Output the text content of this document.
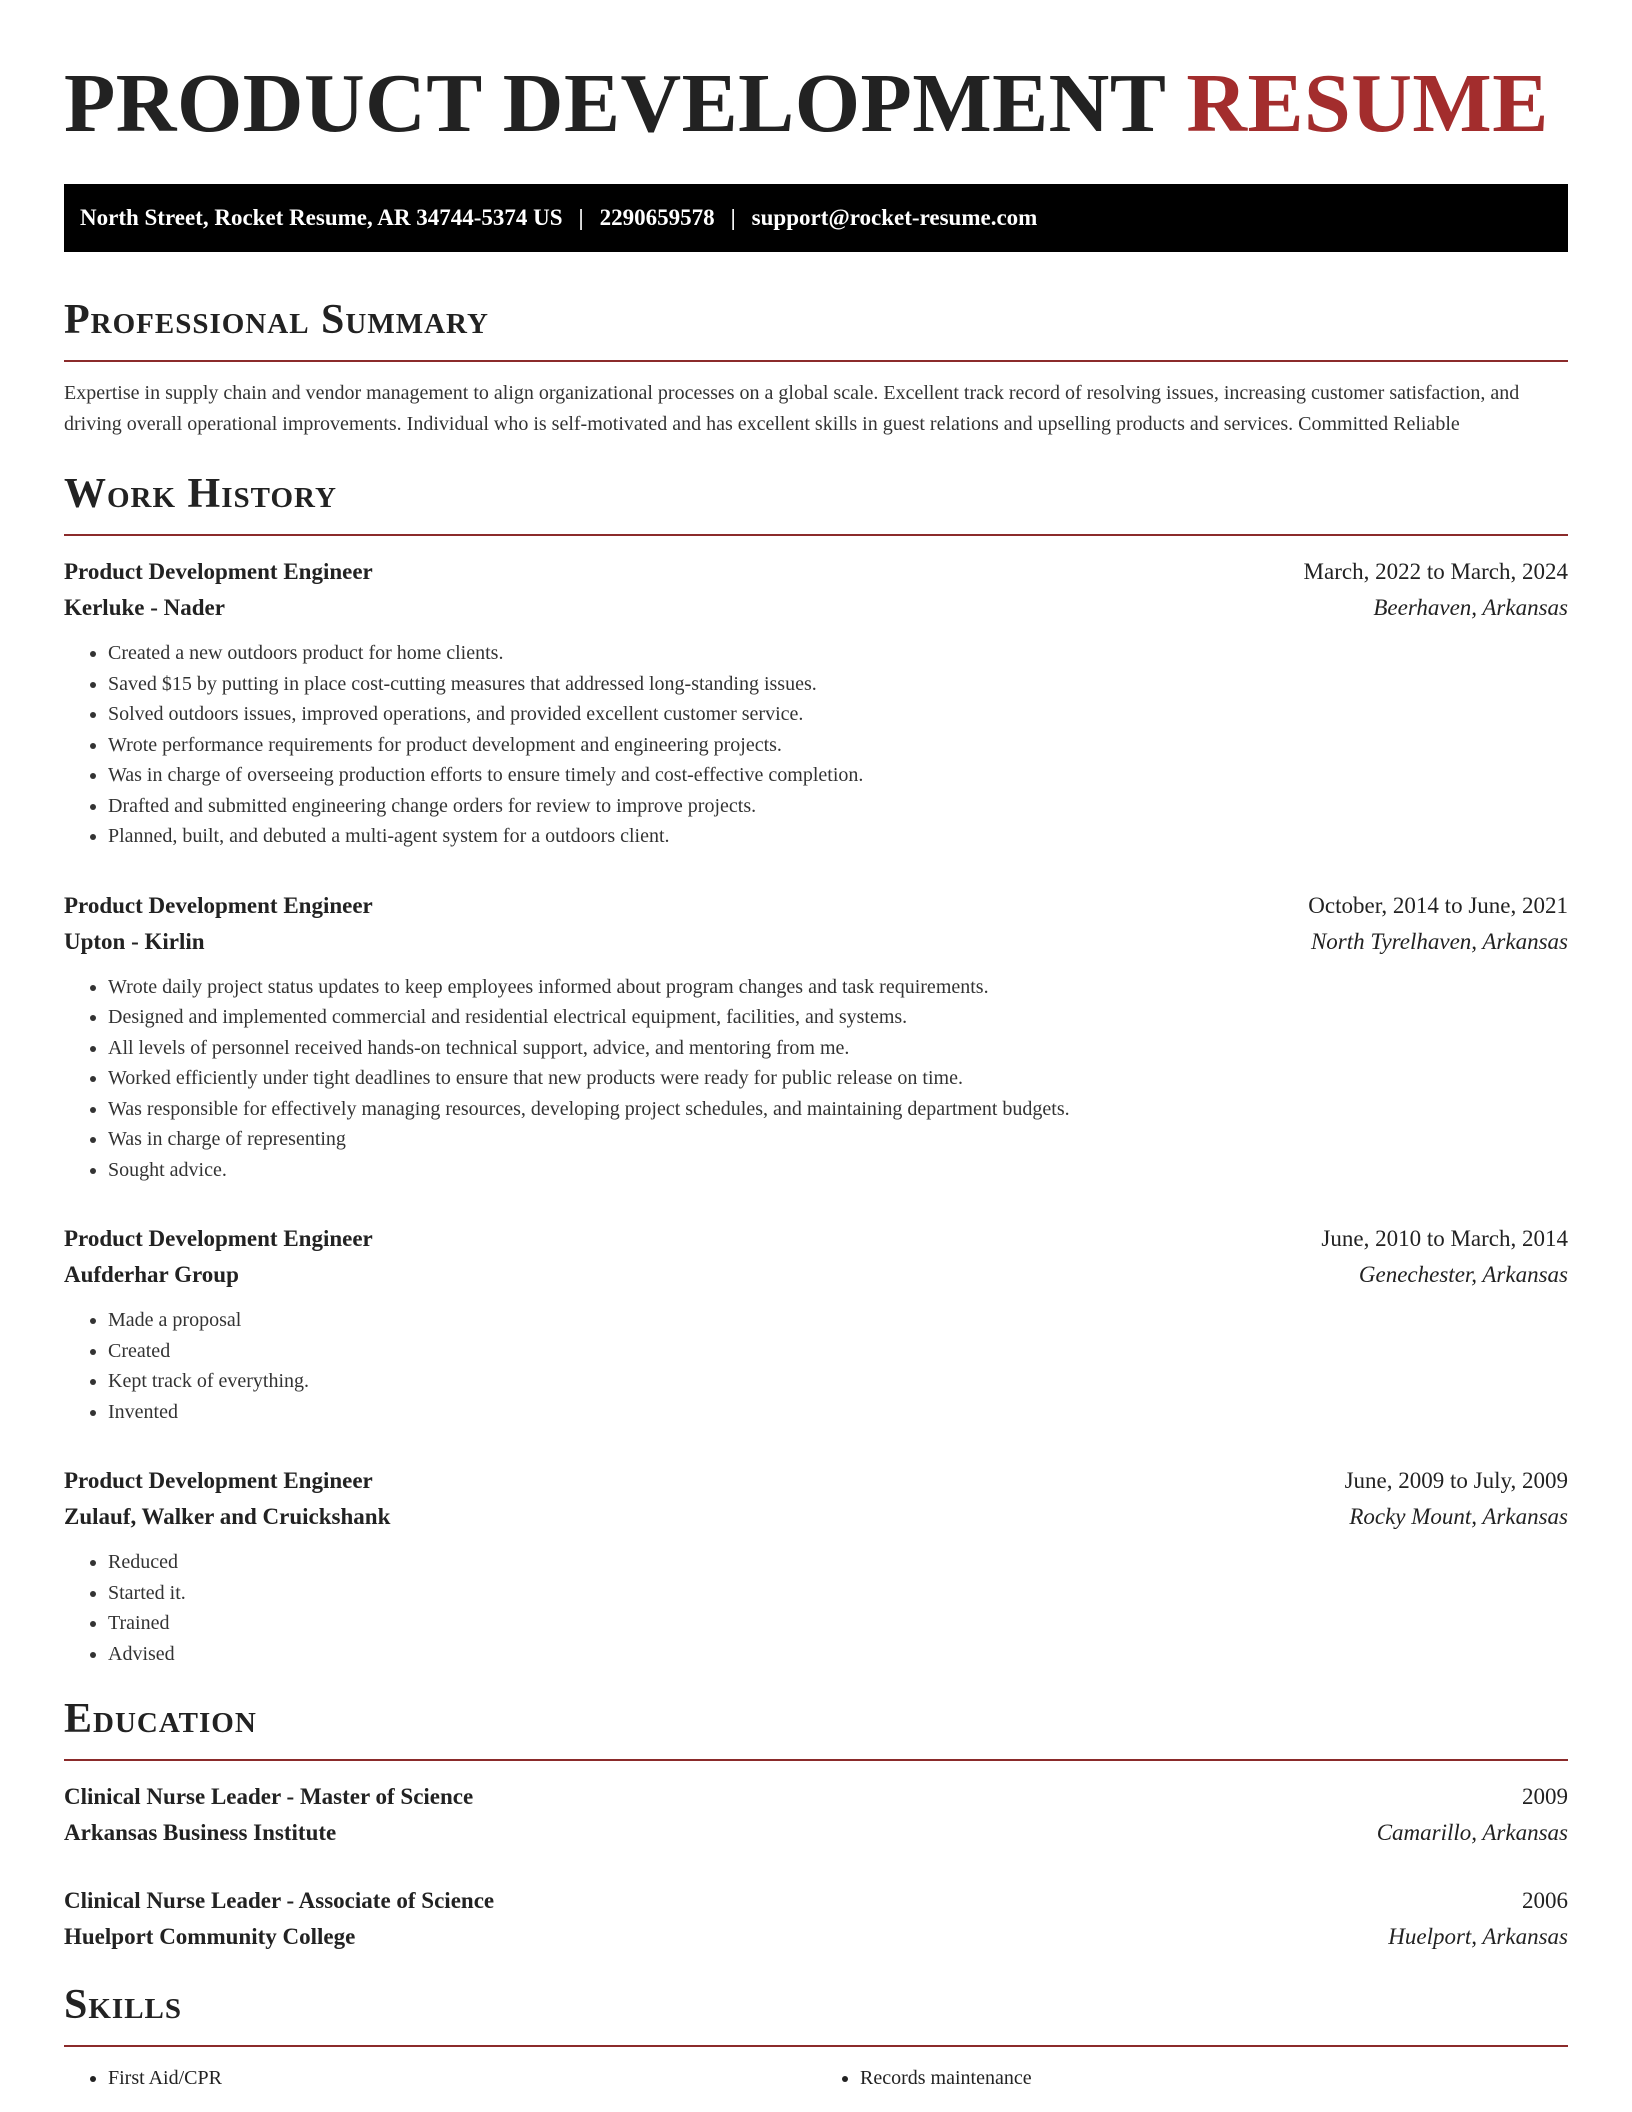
PRODUCT DEVELOPMENT RESUME
North Street, Rocket Resume, AR 34744-5374 US | 2290659578 | support@rocket-resume.com
Professional Summary

Expertise in supply chain and vendor management to align organizational processes on a global scale. Excellent track record of resolving issues, increasing customer satisfaction, and driving overall operational improvements. Individual who is self-motivated and has excellent skills in guest relations and upselling products and services. Committed Reliable

Work History
Product Development Engineer	March, 2022 to March, 2024
Kerluke - Nader	Beerhaven, Arkansas
• Created a new outdoors product for home clients.
• Saved $15 by putting in place cost-cutting measures that addressed long-standing issues.
• Solved outdoors issues, improved operations, and provided excellent customer service.
• Wrote performance requirements for product development and engineering projects.
• Was in charge of overseeing production efforts to ensure timely and cost-effective completion.
• Drafted and submitted engineering change orders for review to improve projects.
• Planned, built, and debuted a multi-agent system for a outdoors client.
Product Development Engineer	October, 2014 to June, 2021
Upton - Kirlin	North Tyrelhaven, Arkansas
• Wrote daily project status updates to keep employees informed about program changes and task requirements.
• Designed and implemented commercial and residential electrical equipment, facilities, and systems.
• All levels of personnel received hands-on technical support, advice, and mentoring from me.
• Worked efficiently under tight deadlines to ensure that new products were ready for public release on time.
• Was responsible for effectively managing resources, developing project schedules, and maintaining department budgets.
• Was in charge of representing
• Sought advice.
Product Development Engineer	June, 2010 to March, 2014
Aufderhar Group	Genechester, Arkansas
• Made a proposal
• Created
• Kept track of everything.
• Invented
Product Development Engineer	June, 2009 to July, 2009
Zulauf, Walker and Cruickshank	Rocky Mount, Arkansas
• Reduced
• Started it.
• Trained
• Advised
Education
Clinical Nurse Leader - Master of Science	2009
Arkansas Business Institute	Camarillo, Arkansas
Clinical Nurse Leader - Associate of Science	2006
Huelport Community College	Huelport, Arkansas
Skills
• First Aid/CPR
•	Records maintenance
